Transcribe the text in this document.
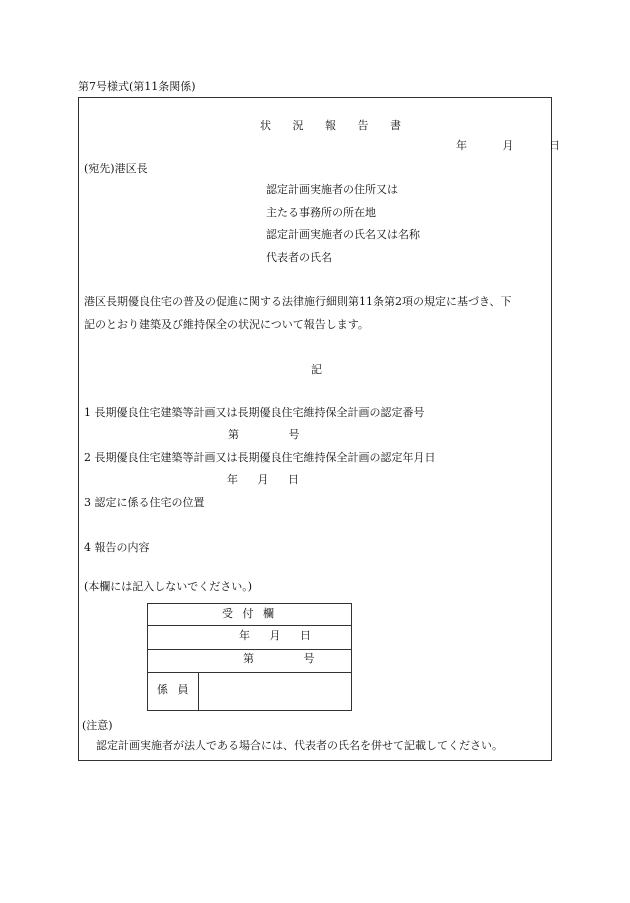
第7号様式(第11条関係)
状 況 報 告 書
年 月 日
(宛先)港区長
認定計画実施者の住所又は
主たる事務所の所在地
認定計画実施者の氏名又は名称
代表者の氏名
港区長期優良住宅の普及の促進に関する法律施行細則第11条第2項の規定に基づき、下
記のとおり建築及び維持保全の状況について報告します。
記
1 長期優良住宅建築等計画又は長期優良住宅維持保全計画の認定番号
第 号
2 長期優良住宅建築等計画又は長期優良住宅維持保全計画の認定年月日
年 月 日
3 認定に係る住宅の位置
4 報告の内容
(本欄には記入しないでください。)
受 付 欄
年 月 日
第 号
係 員
(注意)
認定計画実施者が法人である場合には、代表者の氏名を併せて記載してください。
